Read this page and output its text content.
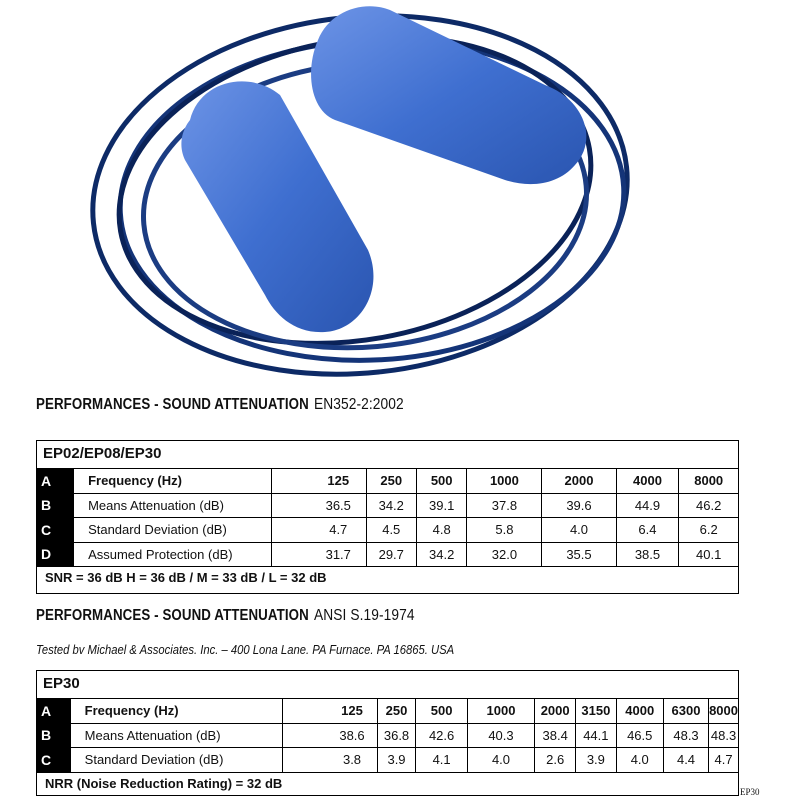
PERFORMANCES - SOUND ATTENUATION EN352-2:2002
EP02/EP08/EP30
A	Frequency (Hz)		125	250	500	1000	2000	4000	8000
B	Means Attenuation (dB)		36.5	34.2	39.1	37.8	39.6	44.9	46.2
C	Standard Deviation (dB)		4.7	4.5	4.8	5.8	4.0	6.4	6.2
D	Assumed Protection (dB)		31.7	29.7	34.2	32.0	35.5	38.5	40.1
SNR = 36 dB H = 36 dB / M = 33 dB / L = 32 dB
PERFORMANCES - SOUND ATTENUATION ANSI S.19-1974
Tested bv Michael & Associates. Inc. – 400 Lona Lane. PA Furnace. PA 16865. USA
EP30
A	Frequency (Hz)		125	250	500	1000	2000	3150	4000	6300	8000
B	Means Attenuation (dB)		38.6	36.8	42.6	40.3	38.4	44.1	46.5	48.3	48.3
C	Standard Deviation (dB)		3.8	3.9	4.1	4.0	2.6	3.9	4.0	4.4	4.7
NRR (Noise Reduction Rating) = 32 dB
EP30
